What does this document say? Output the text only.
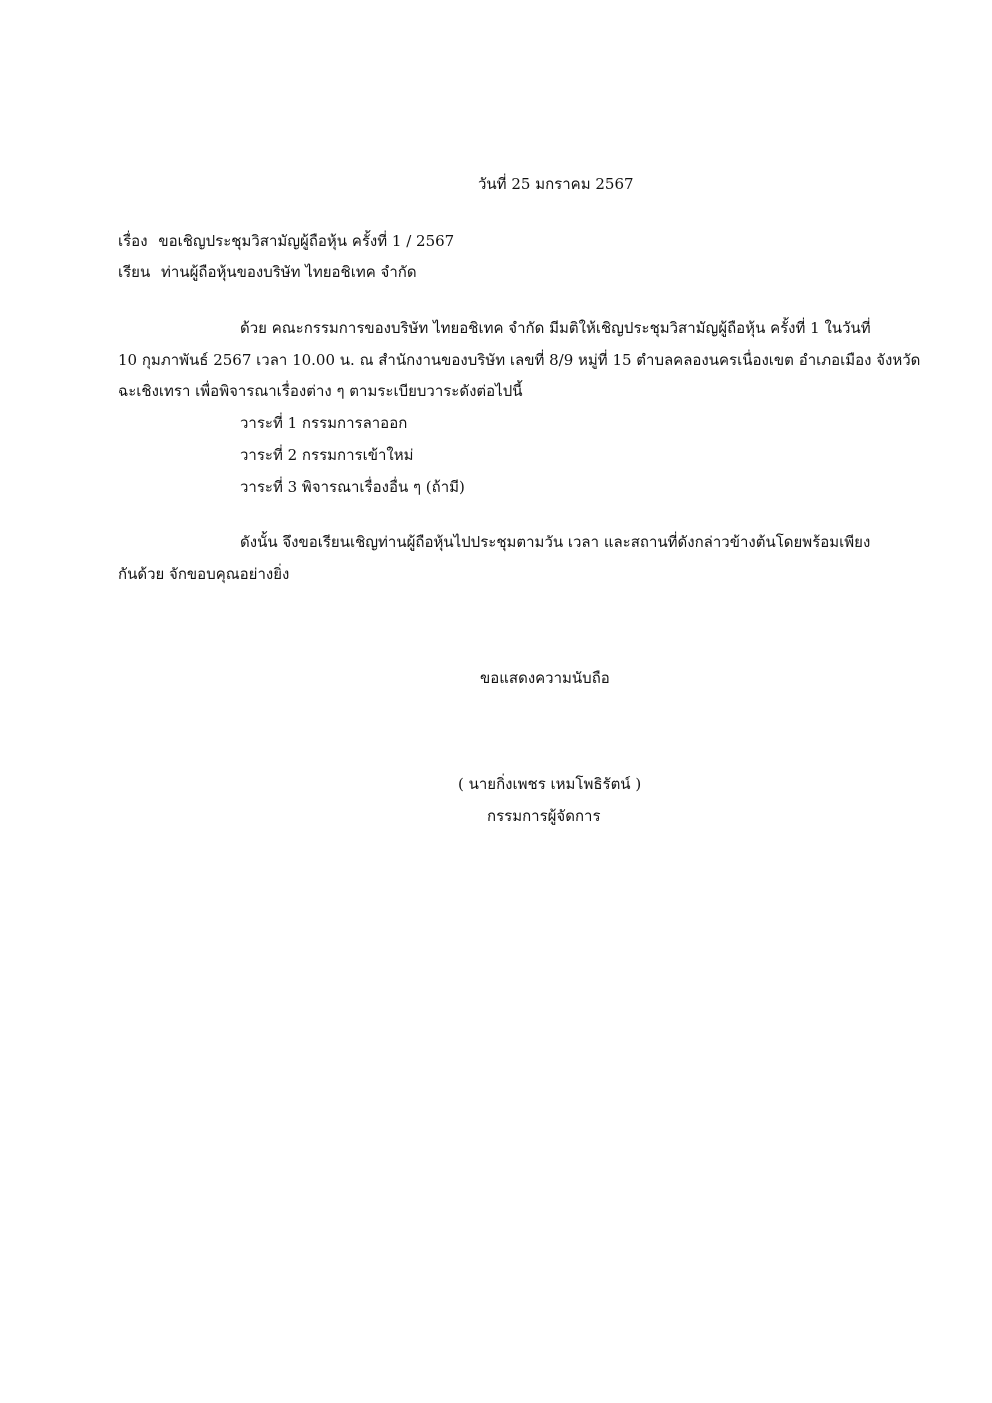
วันที่ 25 มกราคม 2567
เรื่อง ขอเชิญประชุมวิสามัญผู้ถือหุ้น ครั้งที่ 1 / 2567
เรียน ท่านผู้ถือหุ้นของบริษัท ไทยอชิเทค จำกัด
ด้วย คณะกรรมการของบริษัท ไทยอชิเทค จำกัด มีมติให้เชิญประชุมวิสามัญผู้ถือหุ้น ครั้งที่ 1 ในวันที่
10 กุมภาพันธ์ 2567 เวลา 10.00 น. ณ สำนักงานของบริษัท เลขที่ 8/9 หมู่ที่ 15 ตำบลคลองนครเนื่องเขต อำเภอเมือง จังหวัด
ฉะเชิงเทรา เพื่อพิจารณาเรื่องต่าง ๆ ตามระเบียบวาระดังต่อไปนี้
วาระที่ 1 กรรมการลาออก
วาระที่ 2 กรรมการเข้าใหม่
วาระที่ 3 พิจารณาเรื่องอื่น ๆ (ถ้ามี)
ดังนั้น จึงขอเรียนเชิญท่านผู้ถือหุ้นไปประชุมตามวัน เวลา และสถานที่ดังกล่าวข้างต้นโดยพร้อมเพียง
กันด้วย จักขอบคุณอย่างยิ่ง
ขอแสดงความนับถือ
( นายกิ่งเพชร เหมโพธิรัตน์ )
กรรมการผู้จัดการ
